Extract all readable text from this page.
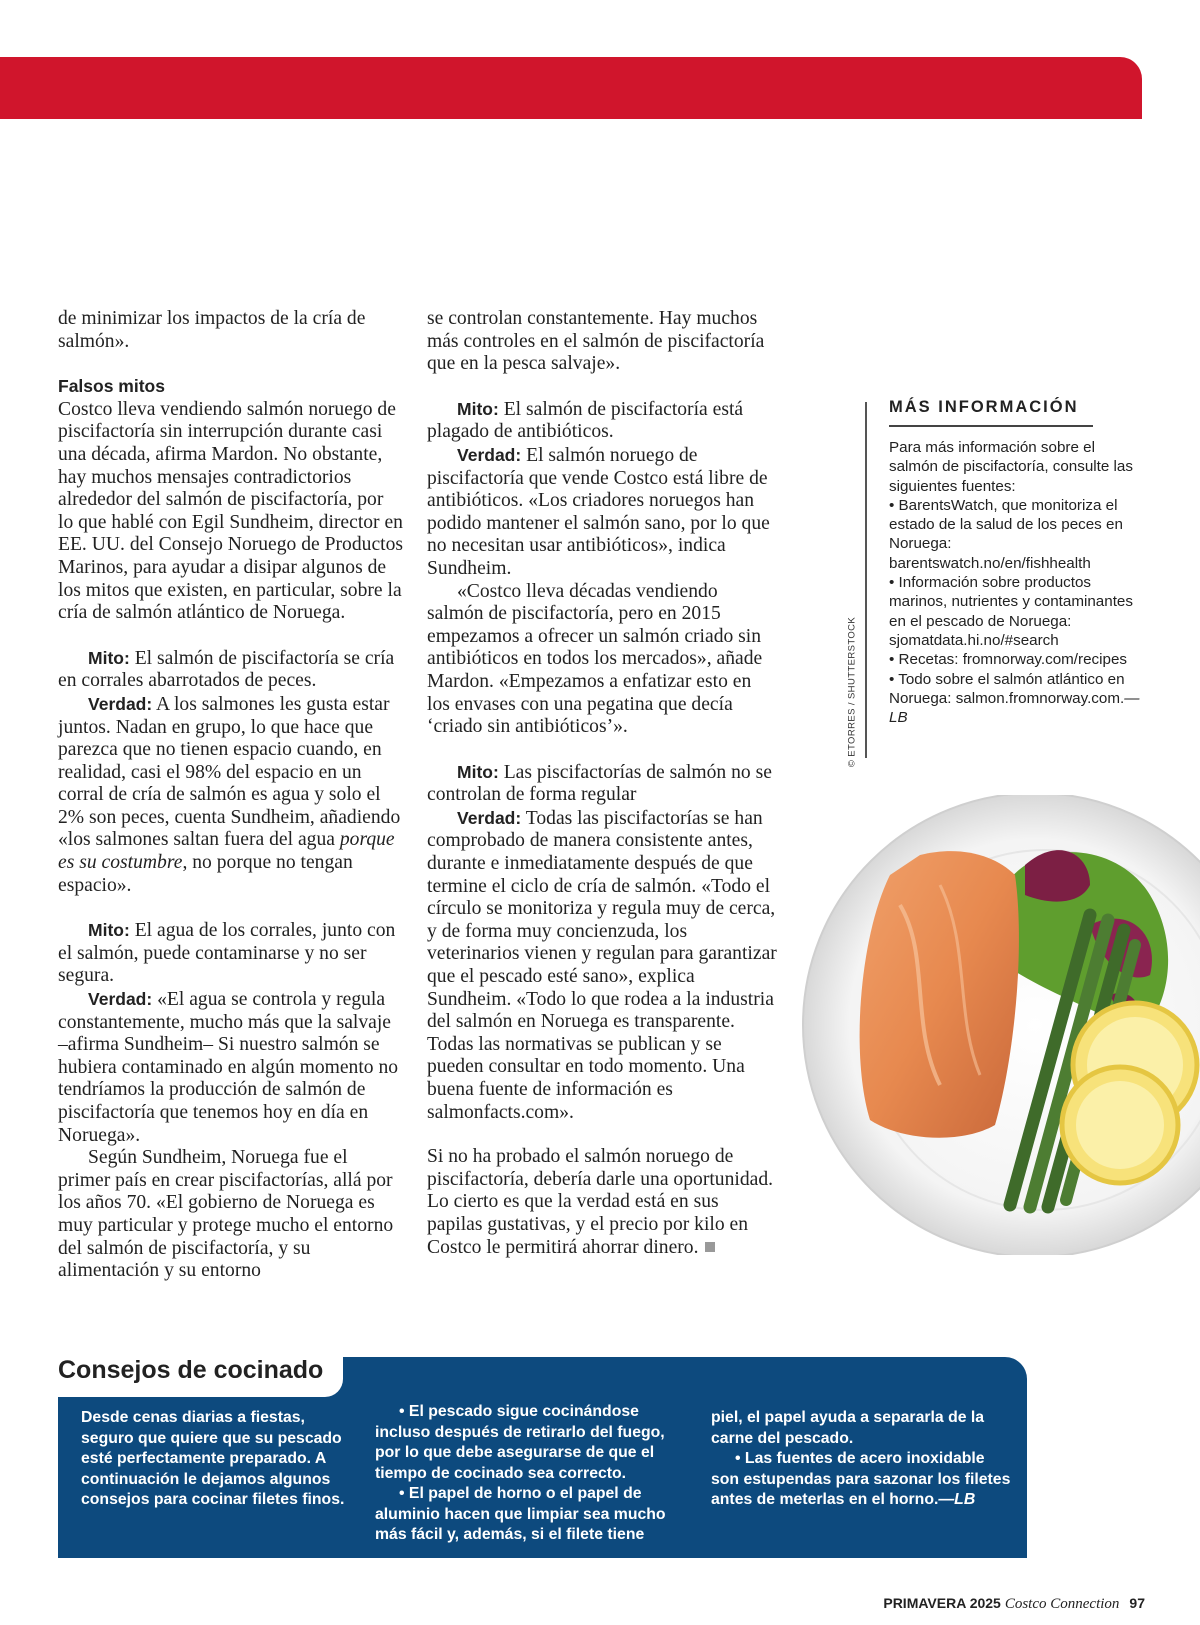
de minimizar los impactos de la cría de salmón».

Falsos mitos

Costco lleva vendiendo salmón noruego de piscifactoría sin interrupción durante casi una década, afirma Mardon. No obstante, hay muchos mensajes contradictorios alrededor del salmón de piscifactoría, por lo que hablé con Egil Sundheim, director en EE. UU. del Consejo Noruego de Productos Marinos, para ayudar a disipar algunos de los mitos que existen, en particular, sobre la cría de salmón atlántico de Noruega.

Mito: El salmón de piscifactoría se cría en corrales abarrotados de peces.

Verdad: A los salmones les gusta estar juntos. Nadan en grupo, lo que hace que parezca que no tienen espacio cuando, en realidad, casi el 98% del espacio en un corral de cría de salmón es agua y solo el 2% son peces, cuenta Sundheim, añadiendo «los salmones saltan fuera del agua porque es su costumbre, no porque no tengan espacio».

Mito: El agua de los corrales, junto con el salmón, puede contaminarse y no ser segura.

Verdad: «El agua se controla y regula constantemente, mucho más que la salvaje –afirma Sundheim– Si nuestro salmón se hubiera contaminado en algún momento no tendríamos la producción de salmón de piscifactoría que tenemos hoy en día en Noruega».

Según Sundheim, Noruega fue el primer país en crear piscifactorías, allá por los años 70. «El gobierno de Noruega es muy particular y protege mucho el entorno del salmón de piscifactoría, y su alimentación y su entorno

se controlan constantemente. Hay muchos más controles en el salmón de piscifactoría que en la pesca salvaje».

Mito: El salmón de piscifactoría está plagado de antibióticos.

Verdad: El salmón noruego de piscifactoría que vende Costco está libre de antibióticos. «Los criadores noruegos han podido mantener el salmón sano, por lo que no necesitan usar antibióticos», indica Sundheim.

«Costco lleva décadas vendiendo salmón de piscifactoría, pero en 2015 empezamos a ofrecer un salmón criado sin antibióticos en todos los mercados», añade Mardon. «Empezamos a enfatizar esto en los envases con una pegatina que decía ‘criado sin antibióticos’».

Mito: Las piscifactorías de salmón no se controlan de forma regular

Verdad: Todas las piscifactorías se han comprobado de manera consistente antes, durante e inmediatamente después de que termine el ciclo de cría de salmón. «Todo el círculo se monitoriza y regula muy de cerca, y de forma muy concienzuda, los veterinarios vienen y regulan para garantizar que el pescado esté sano», explica Sundheim. «Todo lo que rodea a la industria del salmón en Noruega es transparente. Todas las normativas se publican y se pueden consultar en todo momento. Una buena fuente de información es salmonfacts.com».

Si no ha probado el salmón noruego de piscifactoría, debería darle una oportunidad. Lo cierto es que la verdad está en sus papilas gustativas, y el precio por kilo en Costco le permitirá ahorrar dinero.

© ETORRES / SHUTTERSTOCK
MÁS INFORMACIÓN

Para más información sobre el salmón de piscifactoría, consulte las siguientes fuentes:

• BarentsWatch, que monitoriza el estado de la salud de los peces en Noruega: barentswatch.no/en/fishhealth

• Información sobre productos marinos, nutrientes y contaminantes en el pescado de Noruega: sjomatdata.hi.no/#search

• Recetas: fromnorway.com/recipes

• Todo sobre el salmón atlántico en Noruega: salmon.fromnorway.com.—LB

Consejos de cocinado

Desde cenas diarias a fiestas, seguro que quiere que su pescado esté perfectamente preparado. A continuación le dejamos algunos consejos para cocinar filetes finos.

• El pescado sigue cocinándose incluso después de retirarlo del fuego, por lo que debe asegurarse de que el tiempo de cocinado sea correcto.

• El papel de horno o el papel de aluminio hacen que limpiar sea mucho más fácil y, además, si el filete tiene

piel, el papel ayuda a separarla de la carne del pescado.

• Las fuentes de acero inoxidable son estupendas para sazonar los filetes antes de meterlas en el horno.—LB

PRIMAVERA 2025 Costco Connection 97
